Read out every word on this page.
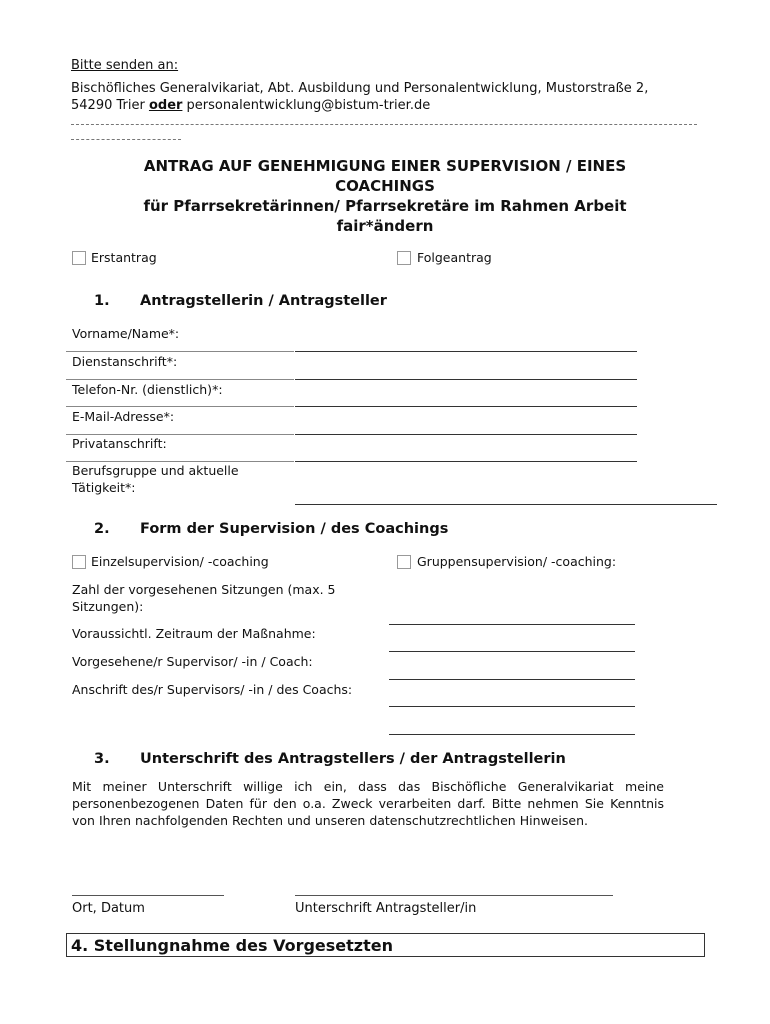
Bitte senden an:
Bischöfliches Generalvikariat, Abt. Ausbildung und Personalentwicklung, Mustorstraße 2,
54290 Trier oder personalentwicklung@bistum-trier.de
ANTRAG AUF GENEHMIGUNG EINER SUPERVISION / EINES
COACHINGS
für Pfarrsekretärinnen/ Pfarrsekretäre im Rahmen Arbeit
fair*ändern
Erstantrag	Folgeantrag
1. Antragstellerin / Antragsteller
Vorname/Name*:
Dienstanschrift*:
Telefon-Nr. (dienstlich)*:
E-Mail-Adresse*:
Privatanschrift:
Berufsgruppe und aktuelle
Tätigkeit*:
2. Form der Supervision / des Coachings
Einzelsupervision/ -coaching	Gruppensupervision/ -coaching:
Zahl der vorgesehenen Sitzungen (max. 5
Sitzungen):
Voraussichtl. Zeitraum der Maßnahme:
Vorgesehene/r Supervisor/ -in / Coach:
Anschrift des/r Supervisors/ -in / des Coachs:
3. Unterschrift des Antragstellers / der Antragstellerin
Mit meiner Unterschrift willige ich ein, dass das Bischöfliche Generalvikariat meine personenbezogenen Daten für den o.a. Zweck verarbeiten darf. Bitte nehmen Sie Kenntnis von Ihren nachfolgenden Rechten und unseren datenschutzrechtlichen Hinweisen.
Ort, Datum	Unterschrift Antragsteller/in
4. Stellungnahme des Vorgesetzten
